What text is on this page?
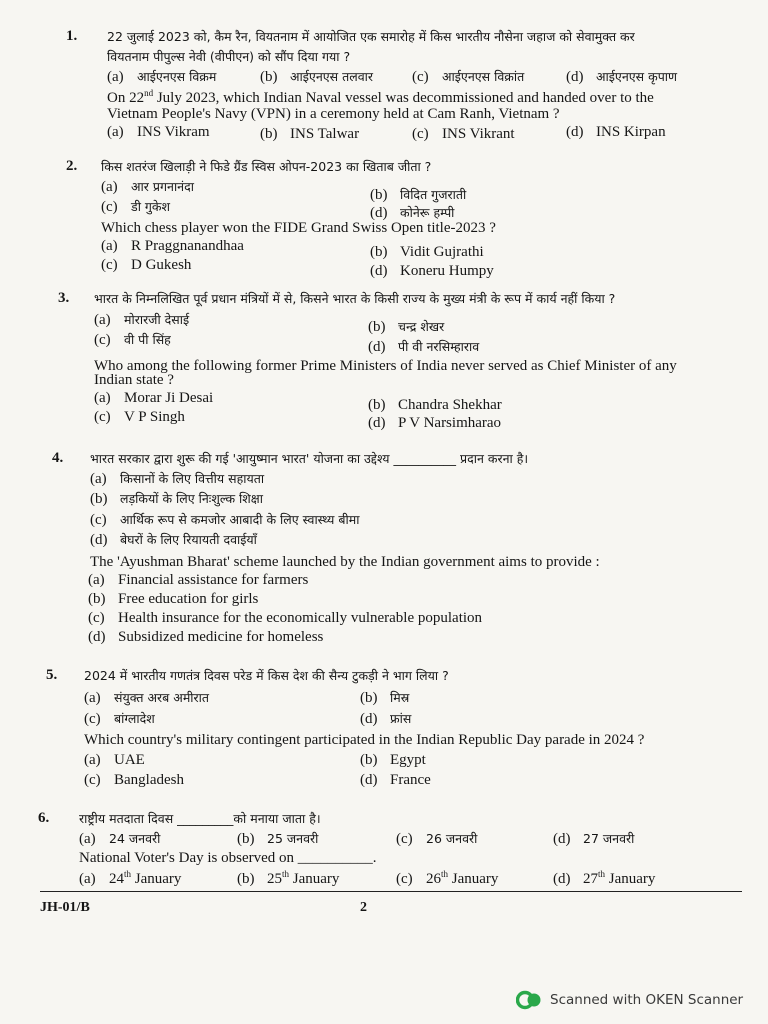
1. 22 जुलाई 2023 को, कैम रैन, वियतनाम में आयोजित एक समारोह में किस भारतीय नौसेना जहाज को सेवामुक्त कर
वियतनाम पीपुल्स नेवी (वीपीएन) को सौंप दिया गया ?
(a) आईएनएस विक्रम	(b) आईएनएस तलवार	(c) आईएनएस विक्रांत	(d) आईएनएस कृपाण
On 22nd July 2023, which Indian Naval vessel was decommissioned and handed over to the
Vietnam People's Navy (VPN) in a ceremony held at Cam Ranh, Vietnam ?
(a) INS Vikram	(b) INS Talwar	(c) INS Vikrant	(d) INS Kirpan
2. किस शतरंज खिलाड़ी ने फिडे ग्रैंड स्विस ओपन-2023 का खिताब जीता ?
(a) आर प्रगनानंदा
(b) विदित गुजराती
(c) डी गुकेश	(d) कोनेरू हम्पी
Which chess player won the FIDE Grand Swiss Open title-2023 ?
(a) R Praggnanandhaa	(b) Vidit Gujrathi
(c) D Gukesh	(d) Koneru Humpy
3. भारत के निम्नलिखित पूर्व प्रधान मंत्रियों में से, किसने भारत के किसी राज्य के मुख्य मंत्री के रूप में कार्य नहीं किया ?
(a) मोरारजी देसाई	(b) चन्द्र शेखर
(c) वी पी सिंह	(d) पी वी नरसिम्हाराव
Who among the following former Prime Ministers of India never served as Chief Minister of any
Indian state ?
(a) Morar Ji Desai	(b) Chandra Shekhar
(c) V P Singh	(d) P V Narsimharao
4. भारत सरकार द्वारा शुरू की गई 'आयुष्मान भारत' योजना का उद्देश्य __________ प्रदान करना है।
(a) किसानों के लिए वित्तीय सहायता
(b) लड़कियों के लिए निःशुल्क शिक्षा
(c) आर्थिक रूप से कमजोर आबादी के लिए स्वास्थ्य बीमा
(d) बेघरों के लिए रियायती दवाईयाँ
The 'Ayushman Bharat' scheme launched by the Indian government aims to provide :
(a) Financial assistance for farmers
(b) Free education for girls
(c) Health insurance for the economically vulnerable population
(d) Subsidized medicine for homeless
5. 2024 में भारतीय गणतंत्र दिवस परेड में किस देश की सैन्य टुकड़ी ने भाग लिया ?
(a) संयुक्त अरब अमीरात	(b) मिस्र
(c) बांग्लादेश	(d) फ्रांस
Which country's military contingent participated in the Indian Republic Day parade in 2024 ?
(a) UAE	(b) Egypt
(c) Bangladesh	(d) France
6. राष्ट्रीय मतदाता दिवस _________को मनाया जाता है।
(a) 24 जनवरी	(b) 25 जनवरी	(c) 26 जनवरी	(d) 27 जनवरी
National Voter's Day is observed on __________.
(a) 24th January	(b) 25th January	(c) 26th January	(d) 27th January
JH-01/B	2
Scanned with OKEN Scanner
